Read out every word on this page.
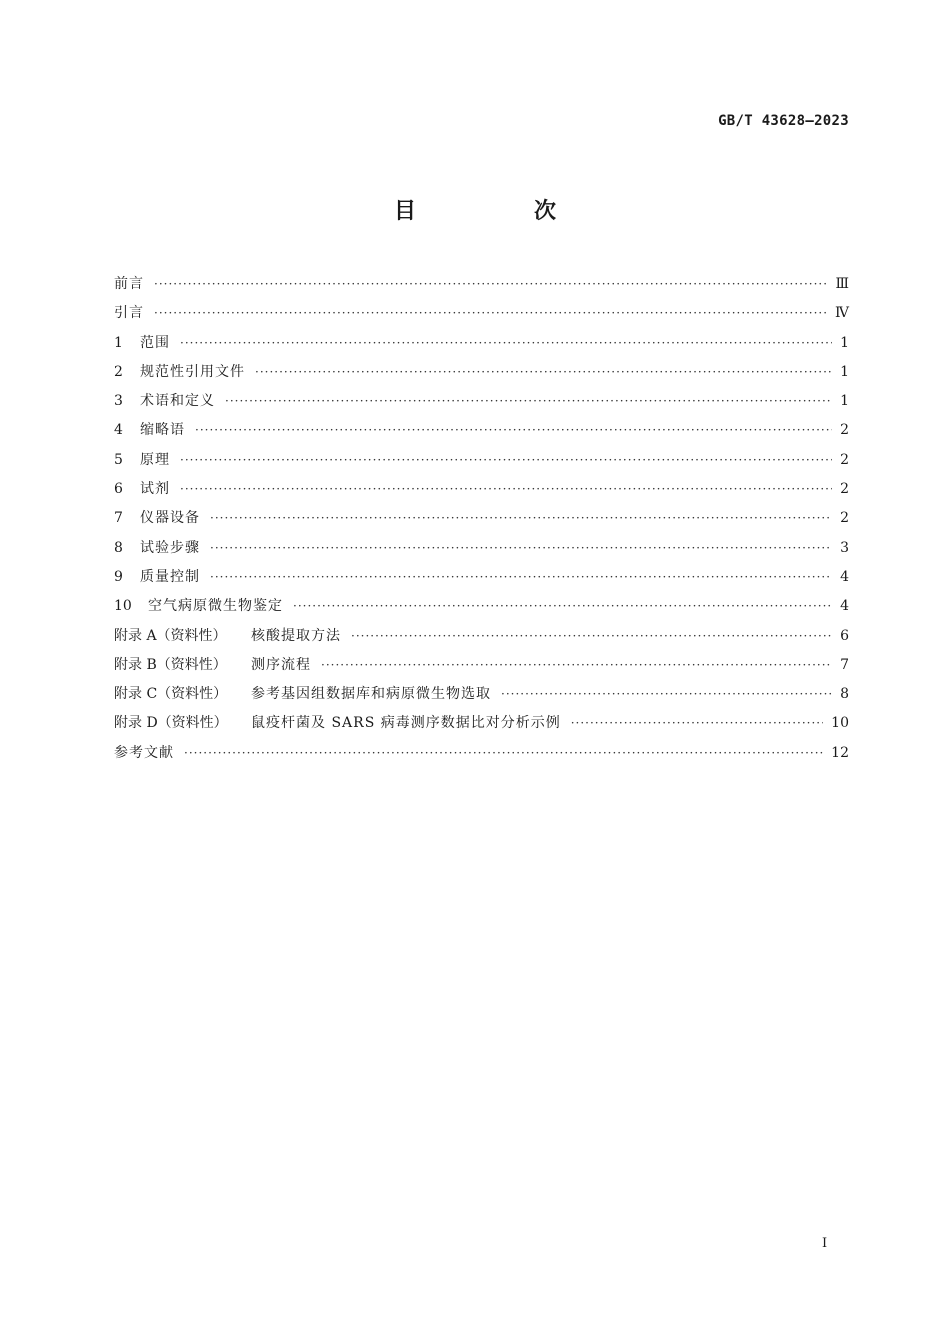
GB/T 43628—2023
目　次
前言 ·····	Ⅲ
引言 ·····	Ⅳ
1	范围 ·····	1
2	规范性引用文件 ·····	1
3	术语和定义 ·····	1
4	缩略语 ·····	2
5	原理 ·····	2
6	试剂 ·····	2
7	仪器设备 ·····	2
8	试验步骤 ·····	3
9	质量控制 ·····	4
10	空气病原微生物鉴定 ·····	4
附录 A（资料性）	核酸提取方法 ·····	6
附录 B（资料性）	测序流程 ·····	7
附录 C（资料性）	参考基因组数据库和病原微生物选取 ·····	8
附录 D（资料性）	鼠疫杆菌及 SARS 病毒测序数据比对分析示例 ·····	10
参考文献 ·····	12
I
